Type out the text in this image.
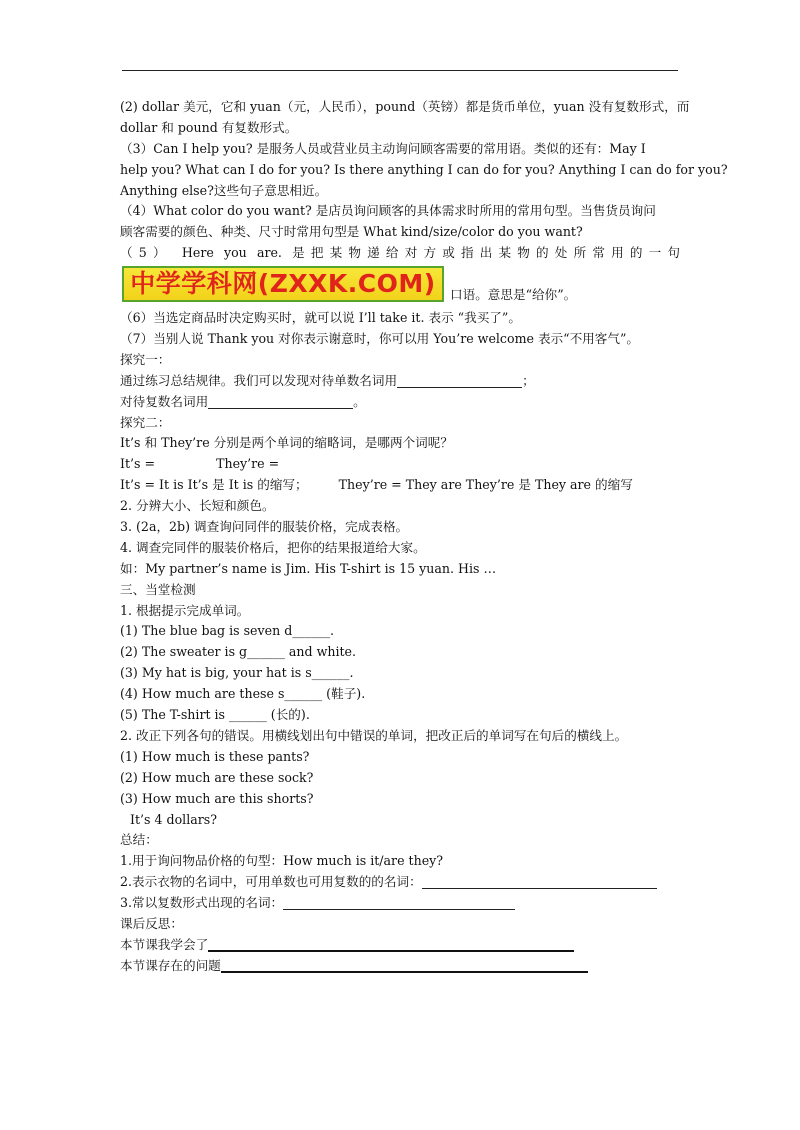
(2) dollar 美元，它和 yuan（元，人民币），pound（英镑）都是货币单位，yuan 没有复数形式，而
dollar 和 pound 有复数形式。
（3）Can I help you? 是服务人员或营业员主动询问顾客需要的常用语。类似的还有：May I
help you? What can I do for you? Is there anything I can do for you? Anything I can do for you?
Anything else?这些句子意思相近。
（4）What color do you want? 是店员询问顾客的具体需求时所用的常用句型。当售货员询问
顾客需要的颜色、种类、尺寸时常用句型是 What kind/size/color do you want?
（5） Here you are. 是把某物递给对方或指出某物的处所常用的一句
中学学科网(ZXXK.COM)	口语。意思是“给你”。
（6）当选定商品时决定购买时，就可以说 I’ll take it. 表示 “我买了”。
（7）当别人说 Thank you 对你表示谢意时，你可以用 You’re welcome 表示“不用客气”。
探究一：
通过练习总结规律。我们可以发现对待单数名词用	；
对待复数名词用	。
探究二：
It’s 和 They’re 分别是两个单词的缩略词，是哪两个词呢？
It’s =	They’re =
It’s = It is It’s 是 It is 的缩写； They’re = They are They’re 是 They are 的缩写
2. 分辨大小、长短和颜色。
3. (2a，2b) 调查询问同伴的服装价格，完成表格。
4. 调查完同伴的服装价格后，把你的结果报道给大家。
如：My partner’s name is Jim. His T-shirt is 15 yuan. His …
三、当堂检测
1. 根据提示完成单词。
(1) The blue bag is seven d______.
(2) The sweater is g______ and white.
(3) My hat is big, your hat is s______.
(4) How much are these s______ (鞋子).
(5) The T-shirt is ______ (长的).
2. 改正下列各句的错误。用横线划出句中错误的单词，把改正后的单词写在句后的横线上。
(1) How much is these pants?
(2) How much are these sock?
(3) How much are this shorts?
It’s 4 dollars?
总结：
1.用于询问物品价格的句型：How much is it/are they?
2.表示衣物的名词中，可用单数也可用复数的的名词：
3.常以复数形式出现的名词：
课后反思：
本节课我学会了
本节课存在的问题
